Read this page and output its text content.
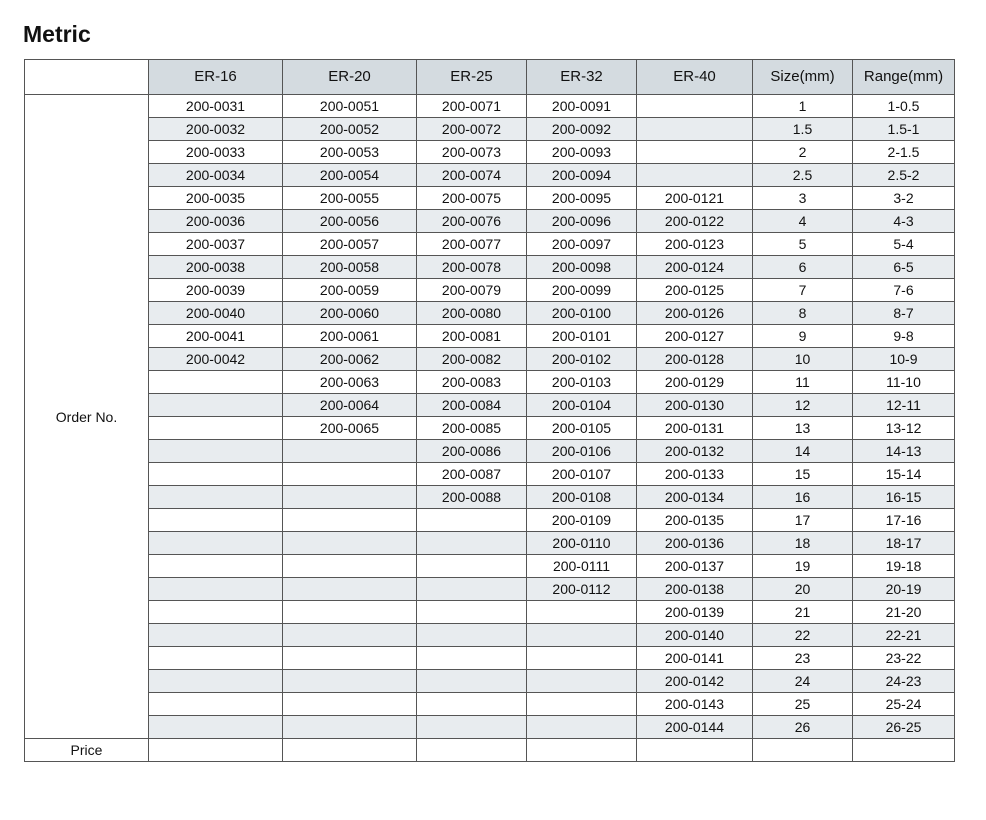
Metric
	ER-16	ER-20	ER-25	ER-32	ER-40	Size(mm)	Range(mm)
Order No.	200-0031	200-0051	200-0071	200-0091		1	1-0.5
	200-0032	200-0052	200-0072	200-0092		1.5	1.5-1
	200-0033	200-0053	200-0073	200-0093		2	2-1.5
	200-0034	200-0054	200-0074	200-0094		2.5	2.5-2
	200-0035	200-0055	200-0075	200-0095	200-0121	3	3-2
	200-0036	200-0056	200-0076	200-0096	200-0122	4	4-3
	200-0037	200-0057	200-0077	200-0097	200-0123	5	5-4
	200-0038	200-0058	200-0078	200-0098	200-0124	6	6-5
	200-0039	200-0059	200-0079	200-0099	200-0125	7	7-6
	200-0040	200-0060	200-0080	200-0100	200-0126	8	8-7
	200-0041	200-0061	200-0081	200-0101	200-0127	9	9-8
	200-0042	200-0062	200-0082	200-0102	200-0128	10	10-9
		200-0063	200-0083	200-0103	200-0129	11	11-10
		200-0064	200-0084	200-0104	200-0130	12	12-11
		200-0065	200-0085	200-0105	200-0131	13	13-12
			200-0086	200-0106	200-0132	14	14-13
			200-0087	200-0107	200-0133	15	15-14
			200-0088	200-0108	200-0134	16	16-15
				200-0109	200-0135	17	17-16
				200-0110	200-0136	18	18-17
				200-0111	200-0137	19	19-18
				200-0112	200-0138	20	20-19
					200-0139	21	21-20
					200-0140	22	22-21
					200-0141	23	23-22
					200-0142	24	24-23
					200-0143	25	25-24
					200-0144	26	26-25
Price							
